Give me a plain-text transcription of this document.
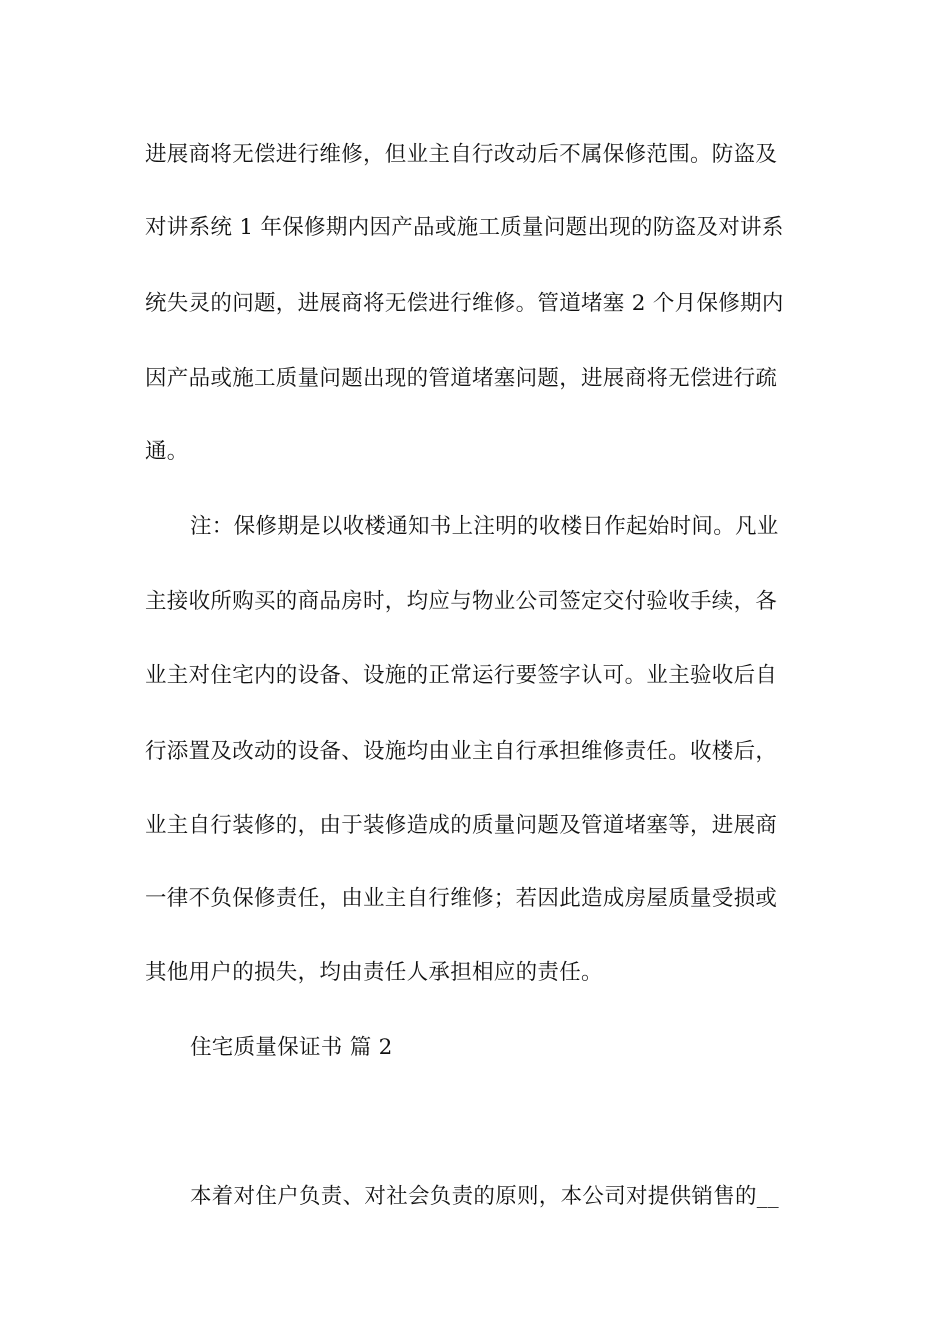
进展商将无偿进行维修，但业主自行改动后不属保修范围。防盗及
对讲系统 1 年保修期内因产品或施工质量问题出现的防盗及对讲系
统失灵的问题，进展商将无偿进行维修。管道堵塞 2 个月保修期内
因产品或施工质量问题出现的管道堵塞问题，进展商将无偿进行疏
通。
注：保修期是以收楼通知书上注明的收楼日作起始时间。凡业
主接收所购买的商品房时，均应与物业公司签定交付验收手续，各
业主对住宅内的设备、设施的正常运行要签字认可。业主验收后自
行添置及改动的设备、设施均由业主自行承担维修责任。收楼后，
业主自行装修的，由于装修造成的质量问题及管道堵塞等，进展商
一律不负保修责任，由业主自行维修；若因此造成房屋质量受损或
其他用户的损失，均由责任人承担相应的责任。
住宅质量保证书 篇 2
本着对住户负责、对社会负责的原则，本公司对提供销售的__
